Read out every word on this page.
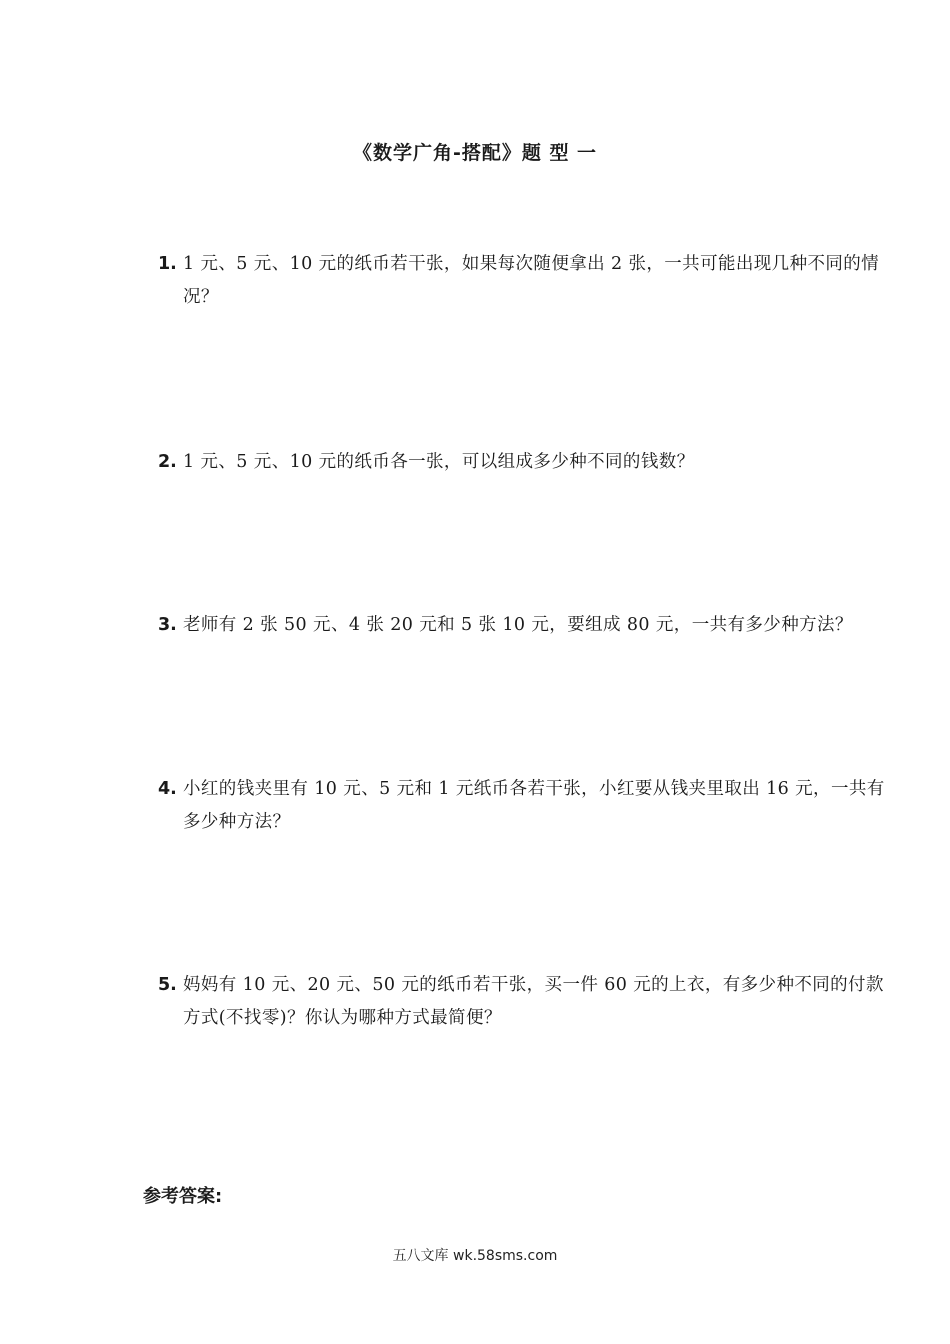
《数学广角-搭配》题 型 一
1. 1 元、5 元、10 元的纸币若干张，如果每次随便拿出 2 张，一共可能出现几种不同的情况？
2. 1 元、5 元、10 元的纸币各一张，可以组成多少种不同的钱数？
3. 老师有 2 张 50 元、4 张 20 元和 5 张 10 元，要组成 80 元，一共有多少种方法？
4. 小红的钱夹里有 10 元、5 元和 1 元纸币各若干张，小红要从钱夹里取出 16 元，一共有多少种方法？
5. 妈妈有 10 元、20 元、50 元的纸币若干张，买一件 60 元的上衣，有多少种不同的付款方式(不找零)？你认为哪种方式最简便？
参考答案:
五八文库 wk.58sms.com
